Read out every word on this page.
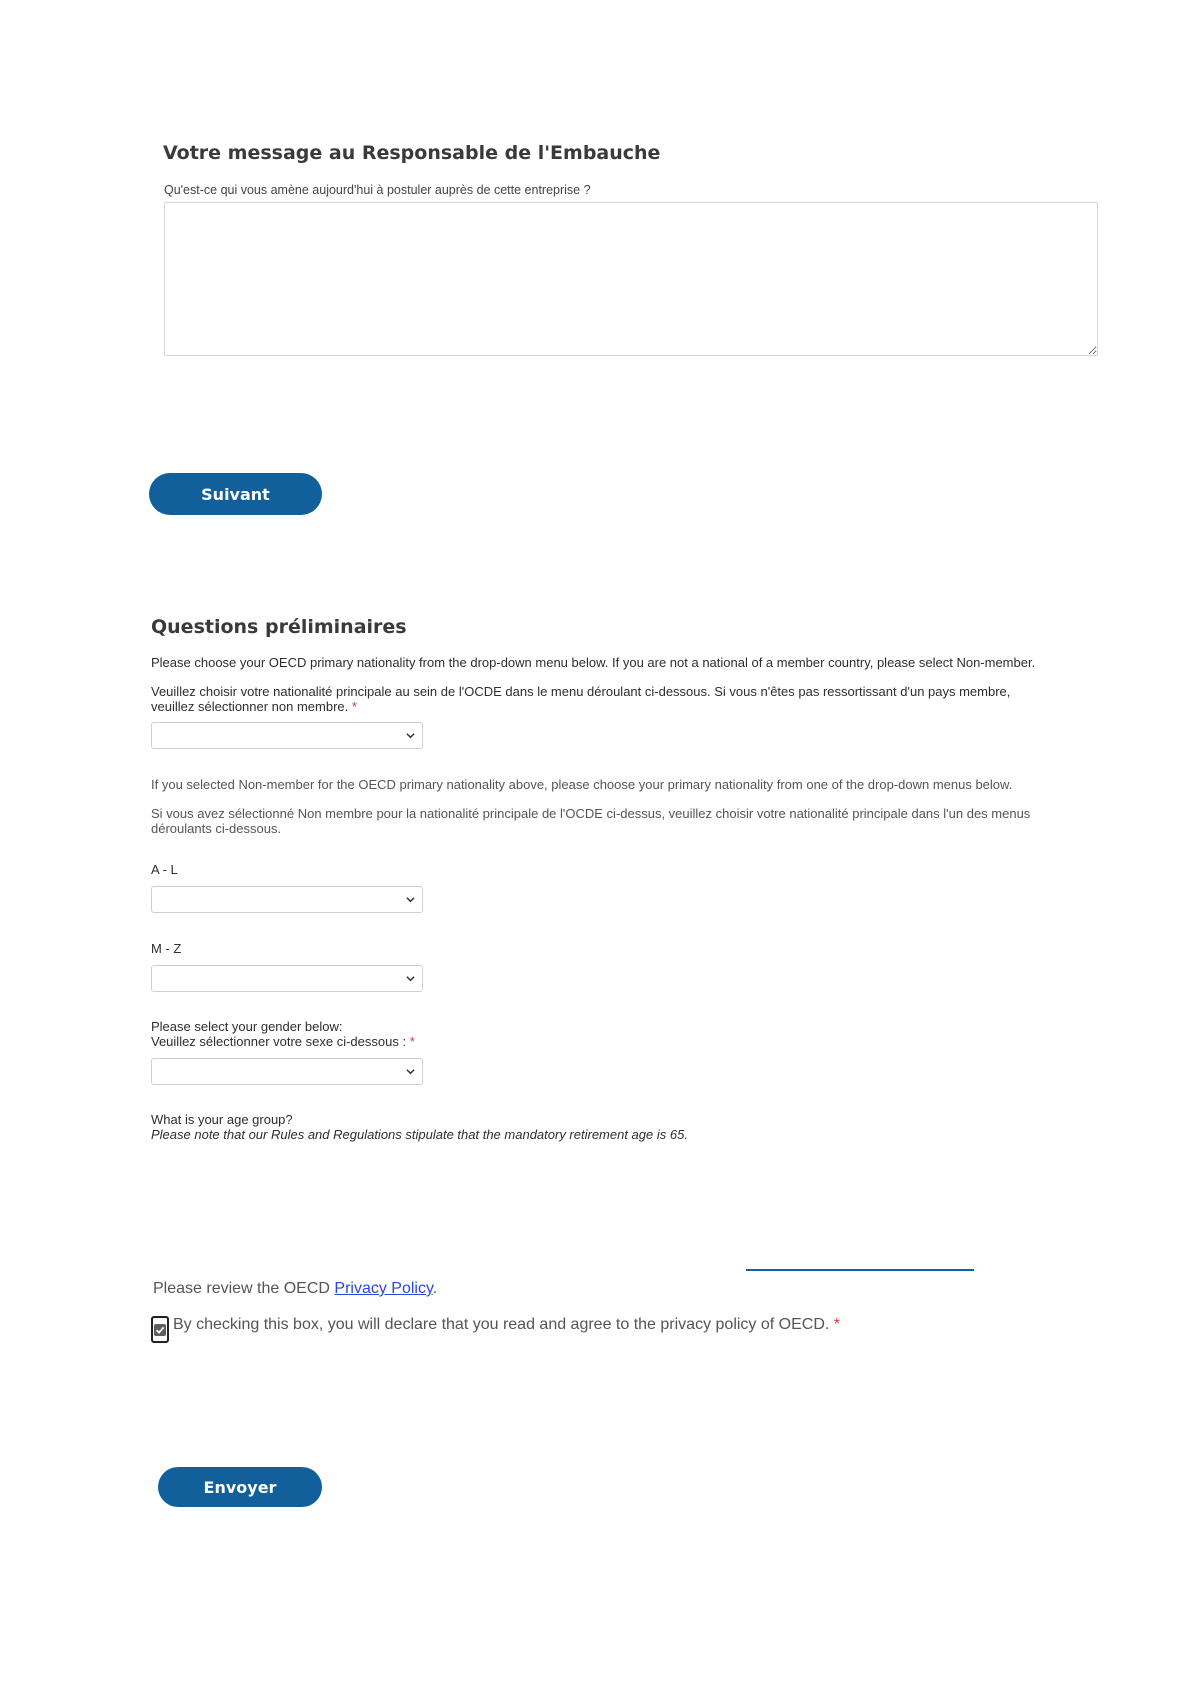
Votre message au Responsable de l'Embauche

Qu'est-ce qui vous amène aujourd'hui à postuler auprès de cette entreprise ?

Suivant
Questions préliminaires

Please choose your OECD primary nationality from the drop-down menu below. If you are not a national of a member country, please select Non-member.

Veuillez choisir votre nationalité principale au sein de l'OCDE dans le menu déroulant ci-dessous. Si vous n'êtes pas ressortissant d'un pays membre,

veuillez sélectionner non membre. *

If you selected Non-member for the OECD primary nationality above, please choose your primary nationality from one of the drop-down menus below.

Si vous avez sélectionné Non membre pour la nationalité principale de l'OCDE ci-dessus, veuillez choisir votre nationalité principale dans l'un des menus

déroulants ci-dessous.

A - L

M - Z

Please select your gender below:

Veuillez sélectionner votre sexe ci-dessous : *

What is your age group?

Please note that our Rules and Regulations stipulate that the mandatory retirement age is 65.

Please review the OECD Privacy Policy.

By checking this box, you will declare that you read and agree to the privacy policy of OECD. *

Envoyer
